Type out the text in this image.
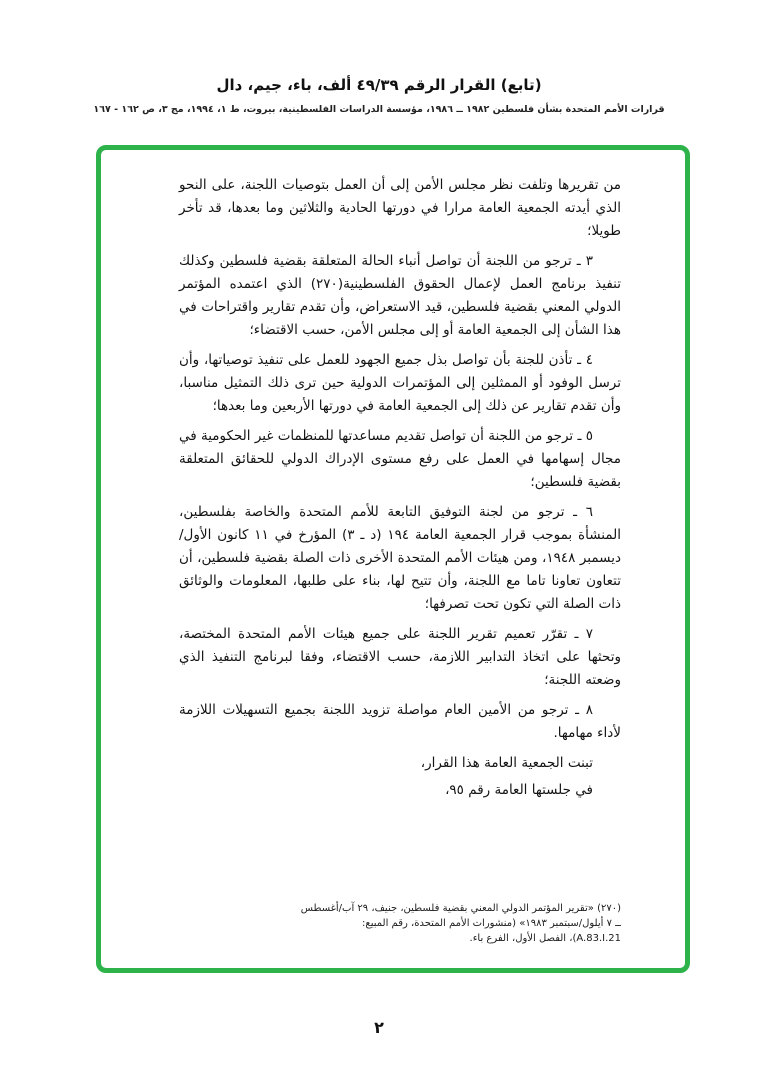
(تابع) القرار الرقم ٤٩/٣٩ ألف، باء، جيم، دال
قرارات الأمم المتحدة بشأن فلسطين ١٩٨٢ ــ ١٩٨٦، مؤسسة الدراسات الفلسطينية، بيروت، ط ١، ١٩٩٤، مج ٣، ص ١٦٢ - ١٦٧

من تقريرها وتلفت نظر مجلس الأمن إلى أن العمل بتوصيات اللجنة، على النحو الذي أيدته الجمعية العامة مرارا في دورتها الحادية والثلاثين وما بعدها، قد تأخر طويلا؛

٣ ـ ترجو من اللجنة أن تواصل أنباء الحالة المتعلقة بقضية فلسطين وكذلك تنفيذ برنامج العمل لإعمال الحقوق الفلسطينية(٢٧٠) الذي اعتمده المؤتمر الدولي المعني بقضية فلسطين، قيد الاستعراض، وأن تقدم تقارير واقتراحات في هذا الشأن إلى الجمعية العامة أو إلى مجلس الأمن، حسب الاقتضاء؛

٤ ـ تأذن للجنة بأن تواصل بذل جميع الجهود للعمل على تنفيذ توصياتها، وأن ترسل الوفود أو الممثلين إلى المؤتمرات الدولية حين ترى ذلك التمثيل مناسبا، وأن تقدم تقارير عن ذلك إلى الجمعية العامة في دورتها الأربعين وما بعدها؛

٥ ـ ترجو من اللجنة أن تواصل تقديم مساعدتها للمنظمات غير الحكومية في مجال إسهامها في العمل على رفع مستوى الإدراك الدولي للحقائق المتعلقة بقضية فلسطين؛

٦ ـ ترجو من لجنة التوفيق التابعة للأمم المتحدة والخاصة بفلسطين، المنشأة بموجب قرار الجمعية العامة ١٩٤ (د ـ ٣) المؤرخ في ١١ كانون الأول/ديسمبر ١٩٤٨، ومن هيئات الأمم المتحدة الأخرى ذات الصلة بقضية فلسطين، أن تتعاون تعاونا تاما مع اللجنة، وأن تتيح لها، بناء على طلبها، المعلومات والوثائق ذات الصلة التي تكون تحت تصرفها؛

٧ ـ تقرّر تعميم تقرير اللجنة على جميع هيئات الأمم المتحدة المختصة، وتحثها على اتخاذ التدابير اللازمة، حسب الاقتضاء، وفقا لبرنامج التنفيذ الذي وضعته اللجنة؛

٨ ـ ترجو من الأمين العام مواصلة تزويد اللجنة بجميع التسهيلات اللازمة لأداء مهامها.

تبنت الجمعية العامة هذا القرار،

في جلستها العامة رقم ٩٥،

(٢٧٠) «تقرير المؤتمر الدولي المعني بقضية فلسطين، جنيف، ٢٩ آب/أغسطس
ــ ٧ أيلول/سبتمبر ١٩٨٣» (منشورات الأمم المتحدة، رقم المبيع:
A.83.I.21)، الفصل الأول، الفرع باء.
٢
